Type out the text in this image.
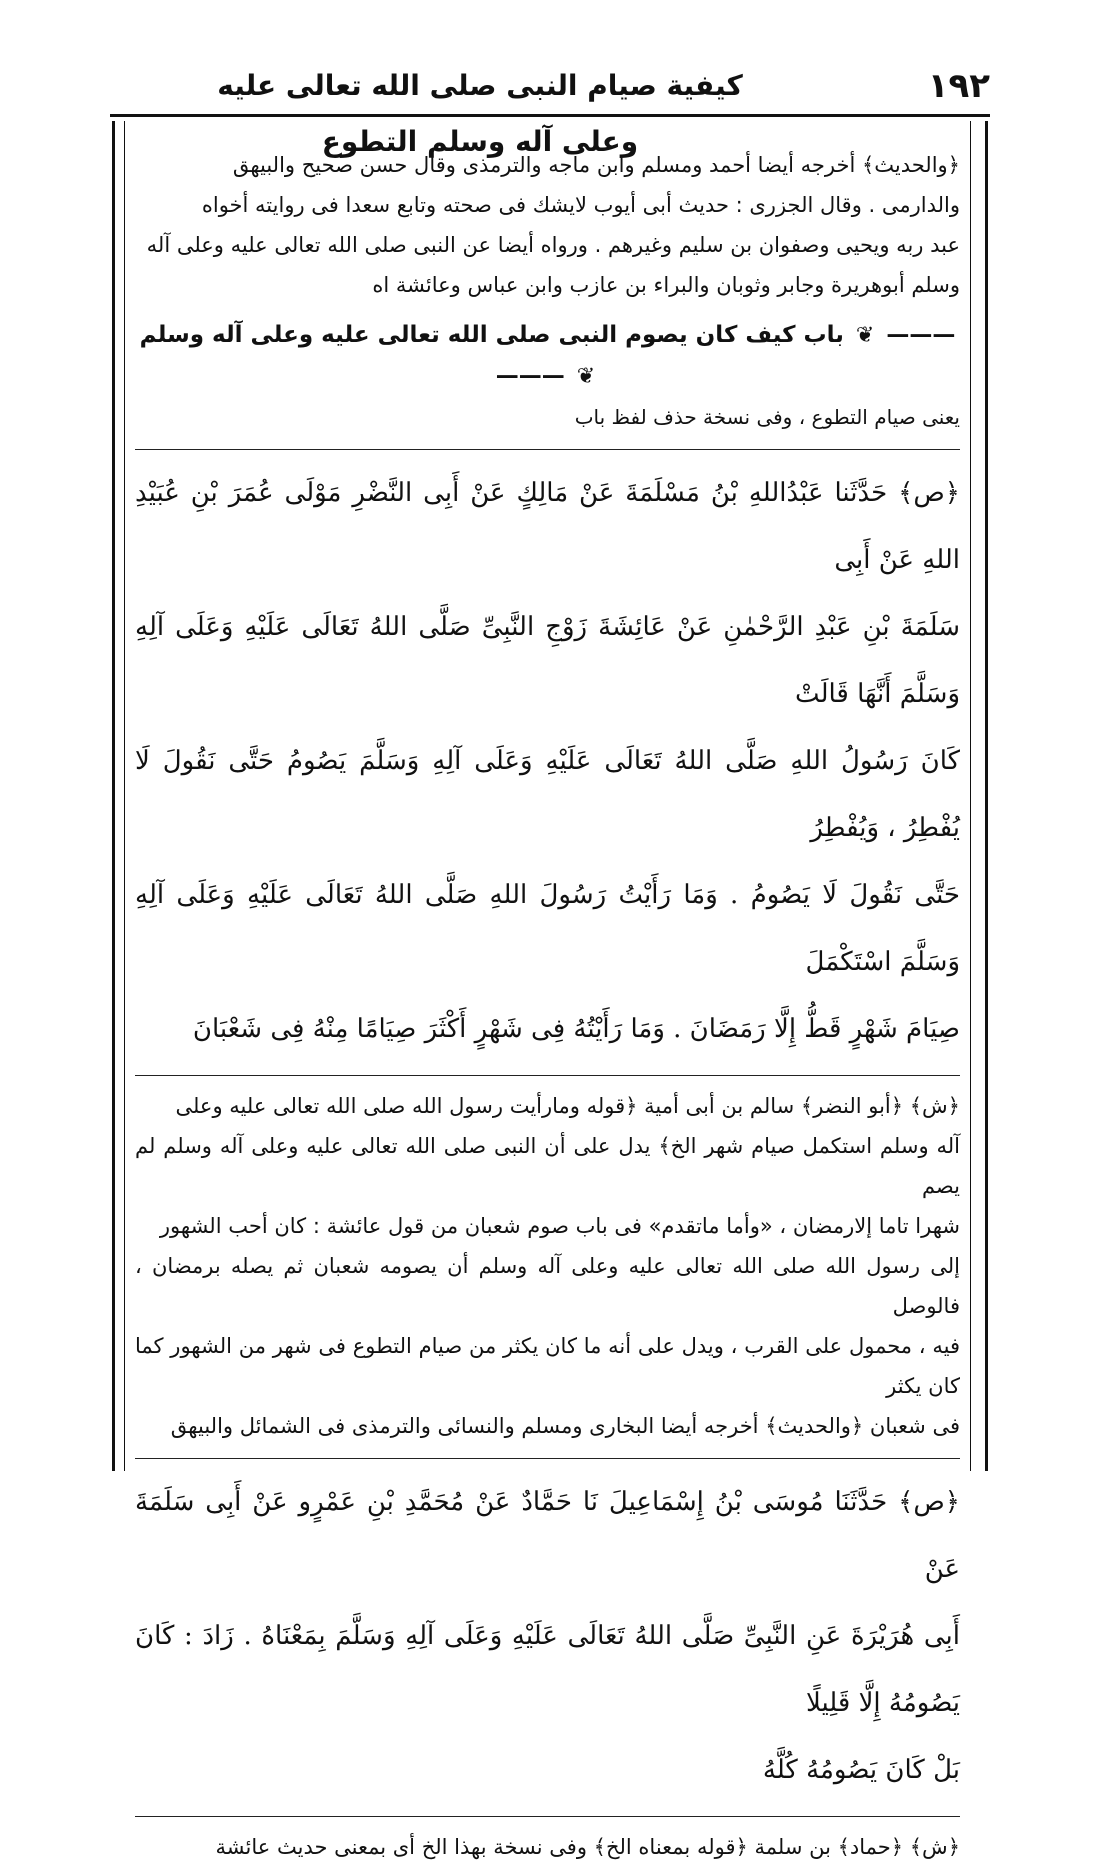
١٩٢
كيفية صيام النبى صلى الله تعالى عليه وعلى آله وسلم التطوع

﴿والحديث﴾ أخرجه أيضا أحمد ومسلم وابن ماجه والترمذى وقال حسن صحيح والبيهق

والدارمى . وقال الجزرى : حديث أبى أيوب لايشك فى صحته وتابع سعدا فى روايته أخواه

عبد ربه ويحيى وصفوان بن سليم وغيرهم . ورواه أيضا عن النبى صلى الله تعالى عليه وعلى آله

وسلم أبوهريرة وجابر وثوبان والبراء بن عازب وابن عباس وعائشة اه

——— ❦ باب كيف كان يصوم النبى صلى الله تعالى عليه وعلى آله وسلم ❦ ———

يعنى صيام التطوع ، وفى نسخة حذف لفظ باب

﴿ص﴾ حَدَّثَنا عَبْدُاللهِ بْنُ مَسْلَمَةَ عَنْ مَالِكٍ عَنْ أَبِى النَّضْرِ مَوْلَى عُمَرَ بْنِ عُبَيْدِ اللهِ عَنْ أَبِى

سَلَمَةَ بْنِ عَبْدِ الرَّحْمٰنِ عَنْ عَائِشَةَ زَوْجِ النَّبِىِّ صَلَّى اللهُ تَعَالَى عَلَيْهِ وَعَلَى آلِهِ وَسَلَّمَ أَنَّهَا قَالَتْ

كَانَ رَسُولُ اللهِ صَلَّى اللهُ تَعَالَى عَلَيْهِ وَعَلَى آلِهِ وَسَلَّمَ يَصُومُ حَتَّى نَقُولَ لَا يُفْطِرُ ، وَيُفْطِرُ

حَتَّى نَقُولَ لَا يَصُومُ . وَمَا رَأَيْتُ رَسُولَ اللهِ صَلَّى اللهُ تَعَالَى عَلَيْهِ وَعَلَى آلِهِ وَسَلَّمَ اسْتَكْمَلَ

صِيَامَ شَهْرٍ قَطُّ إِلَّا رَمَضَانَ . وَمَا رَأَيْتُهُ فِى شَهْرٍ أَكْثَرَ صِيَامًا مِنْهُ فِى شَعْبَانَ

﴿ش﴾ ﴿أبو النضر﴾ سالم بن أبى أمية ﴿قوله ومارأيت رسول الله صلى الله تعالى عليه وعلى

آله وسلم استكمل صيام شهر الخ﴾ يدل على أن النبى صلى الله تعالى عليه وعلى آله وسلم لم يصم

شهرا تاما إلارمضان ، «وأما ماتقدم» فى باب صوم شعبان من قول عائشة : كان أحب الشهور

إلى رسول الله صلى الله تعالى عليه وعلى آله وسلم أن يصومه شعبان ثم يصله برمضان ، فالوصل

فيه ، محمول على القرب ، ويدل على أنه ما كان يكثر من صيام التطوع فى شهر من الشهور كما كان يكثر

فى شعبان ﴿والحديث﴾ أخرجه أيضا البخارى ومسلم والنسائى والترمذى فى الشمائل والبيهق

﴿ص﴾ حَدَّثَنَا مُوسَى بْنُ إِسْمَاعِيلَ نَا حَمَّادٌ عَنْ مُحَمَّدِ بْنِ عَمْرٍو عَنْ أَبِى سَلَمَةَ عَنْ

أَبِى هُرَيْرَةَ عَنِ النَّبِىِّ صَلَّى اللهُ تَعَالَى عَلَيْهِ وَعَلَى آلِهِ وَسَلَّمَ بِمَعْنَاهُ . زَادَ : كَانَ يَصُومُهُ إِلَّا قَلِيلًا

بَلْ كَانَ يَصُومُهُ كُلَّهُ

﴿ش﴾ ﴿حماد﴾ بن سلمة ﴿قوله بمعناه الخ﴾ وفى نسخة بهذا الخ أى بمعنى حديث عائشة
